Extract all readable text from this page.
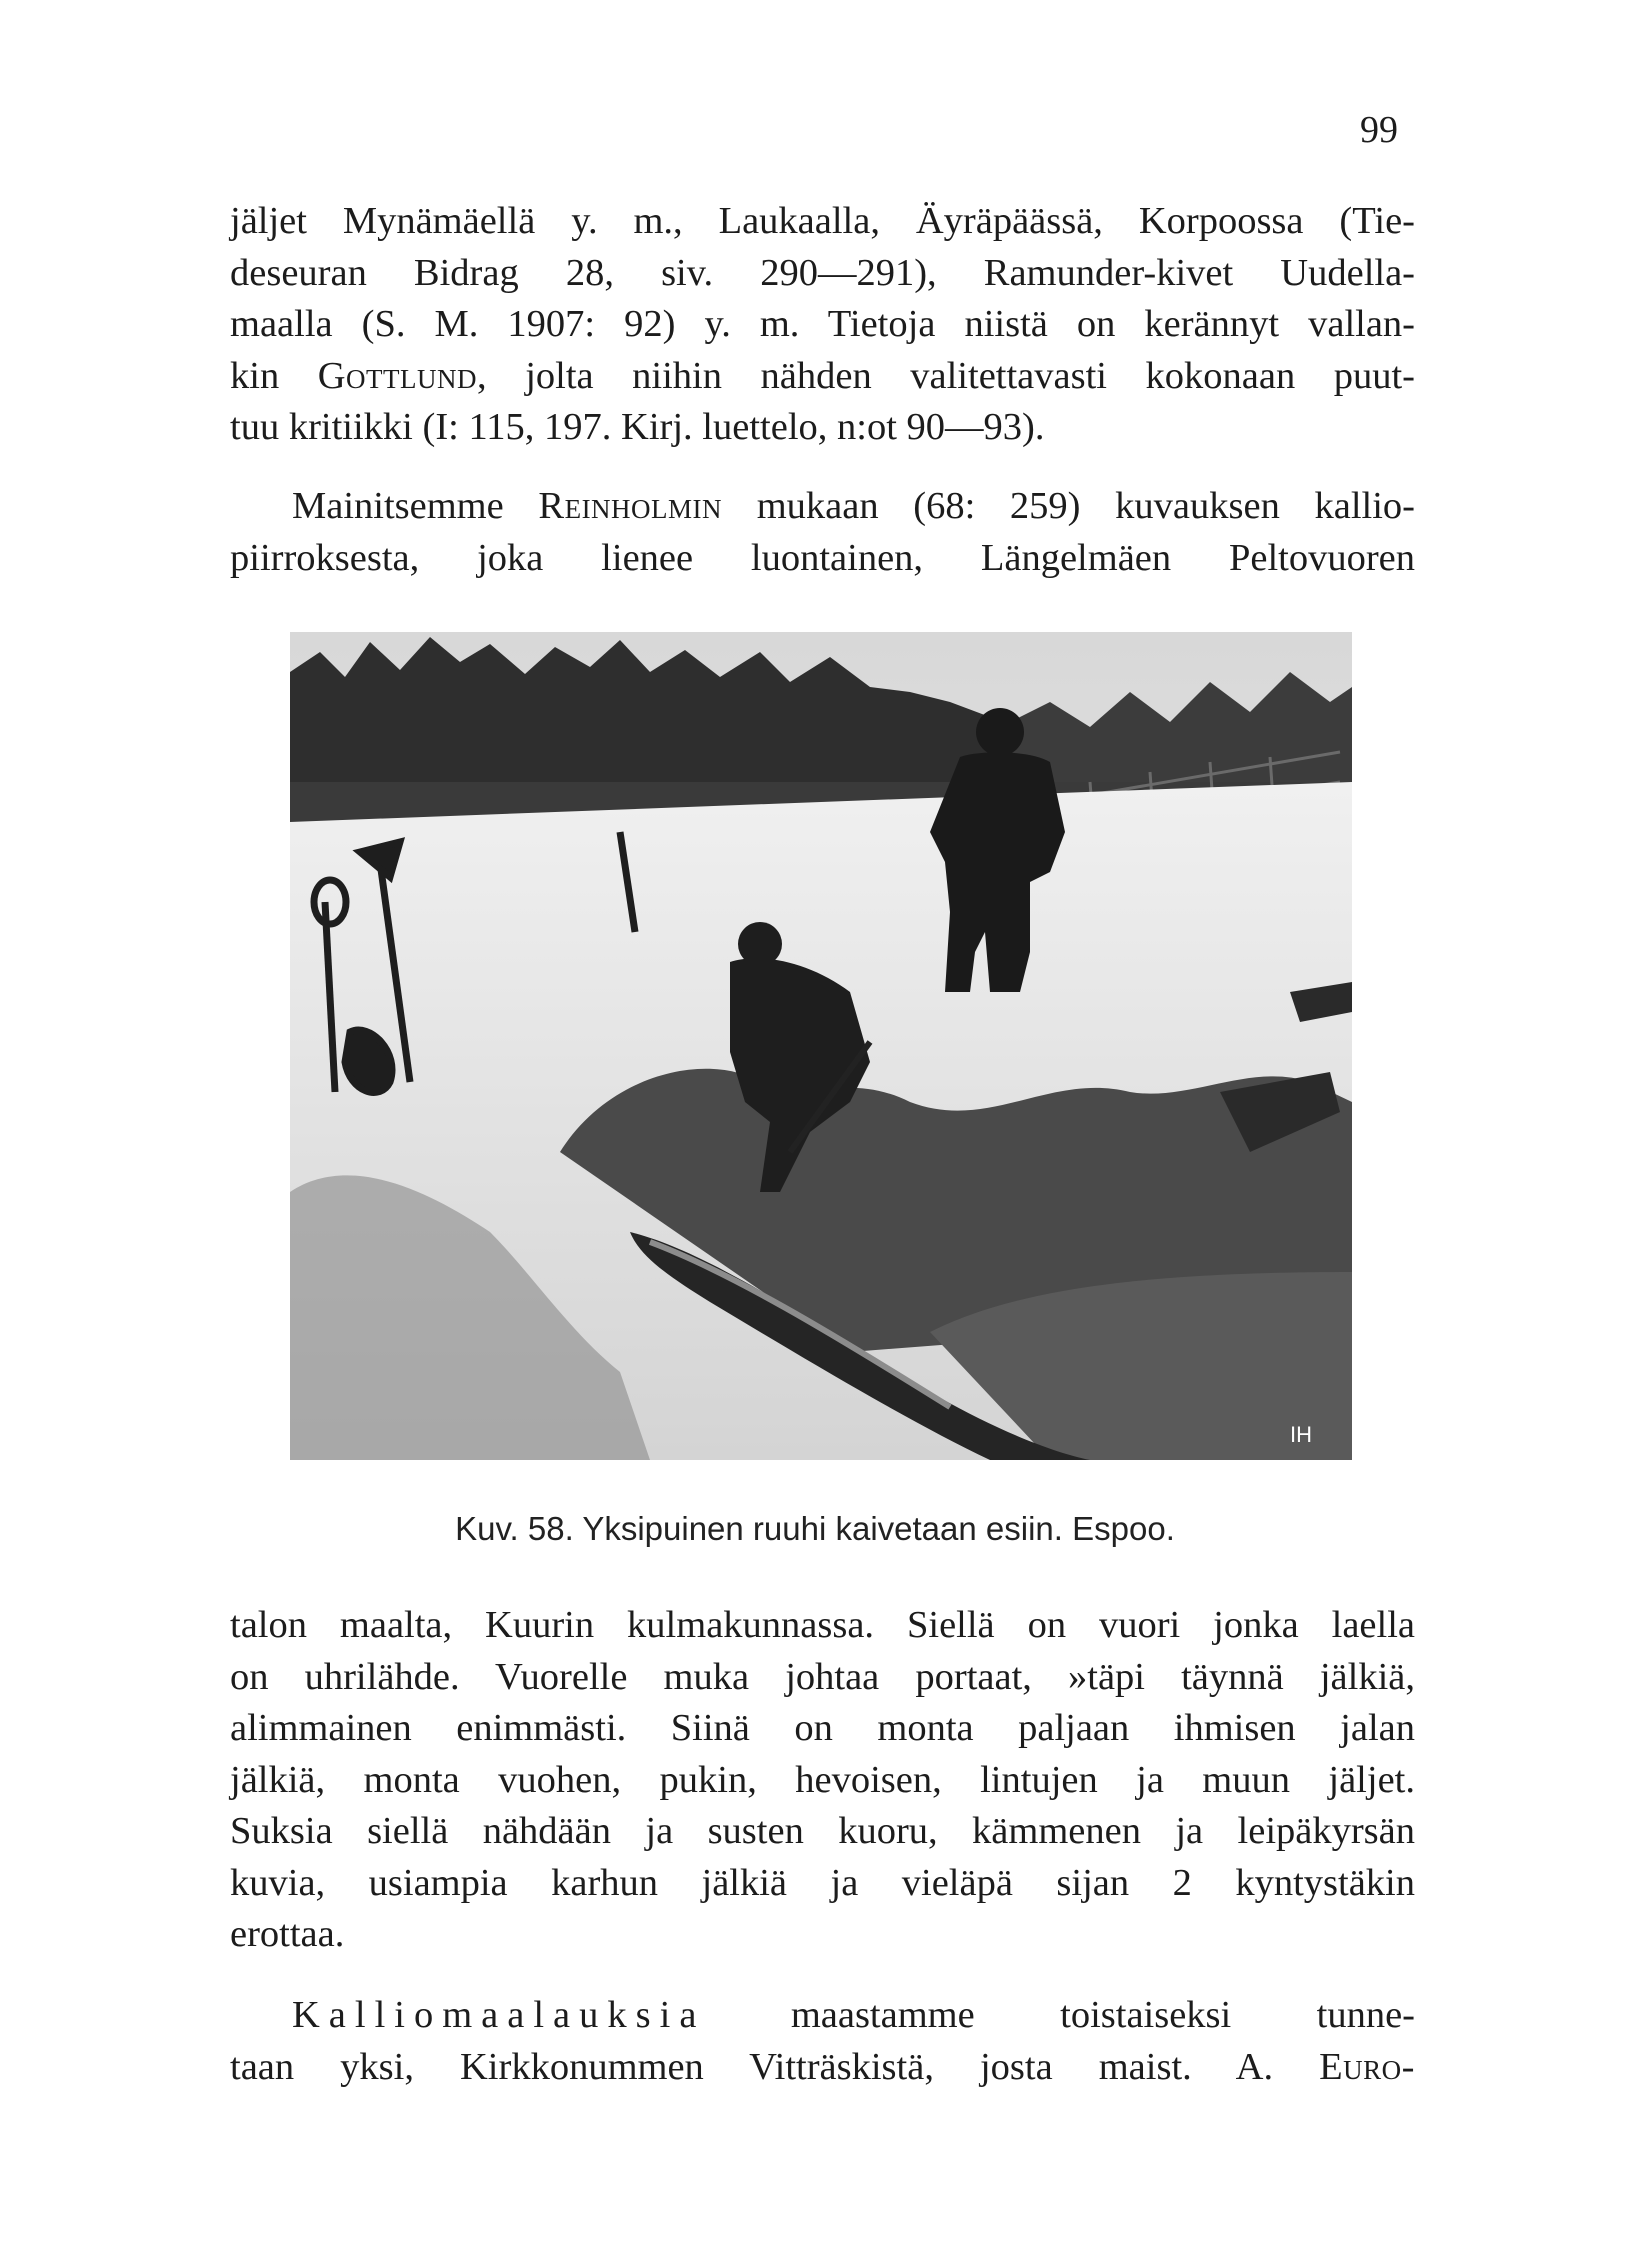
99
jäljet Mynämäellä y. m., Laukaalla, Äyräpäässä, Korpoossa (Tie-
deseuran Bidrag 28, siv. 290—291), Ramunder-kivet Uudella-
maalla (S. M. 1907: 92) y. m. Tietoja niistä on kerännyt vallan-
kin Gottlund, jolta niihin nähden valitettavasti kokonaan puut-
tuu kritiikki (I: 115, 197. Kirj. luettelo, n:ot 90—93).
Mainitsemme Reinholmin mukaan (68: 259) kuvauksen kallio-
piirroksesta, joka lienee luontainen, Längelmäen Peltovuoren
IH
Kuv. 58. Yksipuinen ruuhi kaivetaan esiin. Espoo.
talon maalta, Kuurin kulmakunnassa. Siellä on vuori jonka laella
on uhrilähde. Vuorelle muka johtaa portaat, »täpi täynnä jälkiä,
alimmainen enimmästi. Siinä on monta paljaan ihmisen jalan
jälkiä, monta vuohen, pukin, hevoisen, lintujen ja muun jäljet.
Suksia siellä nähdään ja susten kuoru, kämmenen ja leipäkyrsän
kuvia, usiampia karhun jälkiä ja vieläpä sijan 2 kyntystäkin
erottaa.
Kalliomaalauksia maastamme toistaiseksi tunne-
taan yksi, Kirkkonummen Vitträskistä, josta maist. A. Euro-
